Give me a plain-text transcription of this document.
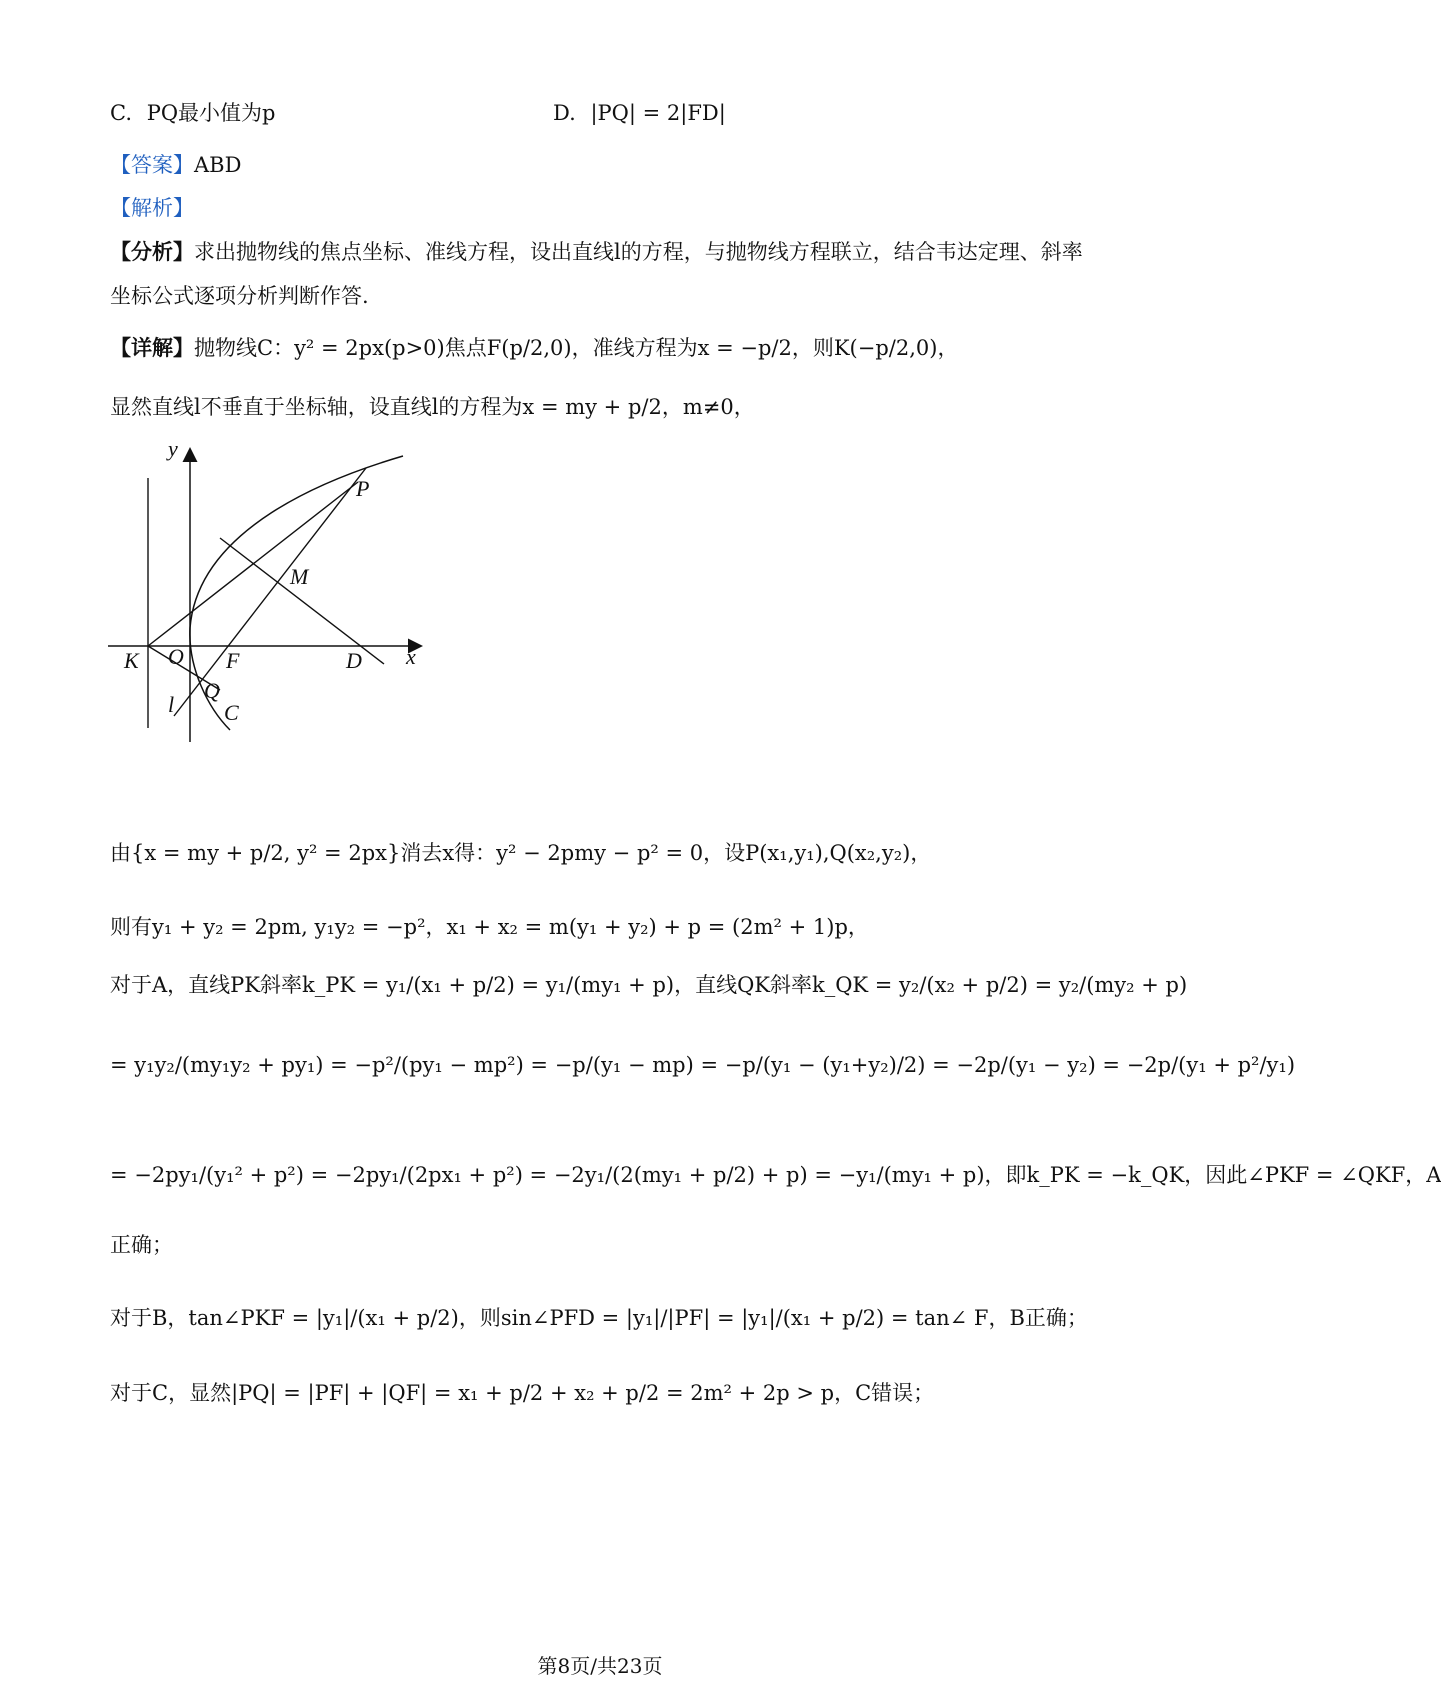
C. PQ最小值为p	D. |PQ| = 2|FD|
【答案】ABD
【解析】
【分析】求出抛物线的焦点坐标、准线方程，设出直线l的方程，与抛物线方程联立，结合韦达定理、斜率
坐标公式逐项分析判断作答.
【详解】抛物线C：y² = 2px(p>0)焦点F(p/2,0)，准线方程为x = −p/2，则K(−p/2,0)，
显然直线l不垂直于坐标轴，设直线l的方程为x = my + p/2，m≠0，
y
x
P
M
K O F	D
Q
l C
由{x = my + p/2, y² = 2px}消去x得：y² − 2pmy − p² = 0，设P(x₁,y₁),Q(x₂,y₂)，
则有y₁ + y₂ = 2pm, y₁y₂ = −p²，x₁ + x₂ = m(y₁ + y₂) + p = (2m² + 1)p，
对于A，直线PK斜率k_PK = y₁/(x₁ + p/2) = y₁/(my₁ + p)，直线QK斜率k_QK = y₂/(x₂ + p/2) = y₂/(my₂ + p)
= y₁y₂/(my₁y₂ + py₁) = −p²/(py₁ − mp²) = −p/(y₁ − mp) = −p/(y₁ − (y₁+y₂)/2) = −2p/(y₁ − y₂) = −2p/(y₁ + p²/y₁)
= −2py₁/(y₁² + p²) = −2py₁/(2px₁ + p²) = −2y₁/(2(my₁ + p/2) + p) = −y₁/(my₁ + p)，即k_PK = −k_QK，因此∠PKF = ∠QKF，A
正确；
对于B，tan∠PKF = |y₁|/(x₁ + p/2)，则sin∠PFD = |y₁|/|PF| = |y₁|/(x₁ + p/2) = tan∠ F，B正确；
对于C，显然|PQ| = |PF| + |QF| = x₁ + p/2 + x₂ + p/2 = 2m² + 2p > p，C错误；
第8页/共23页
